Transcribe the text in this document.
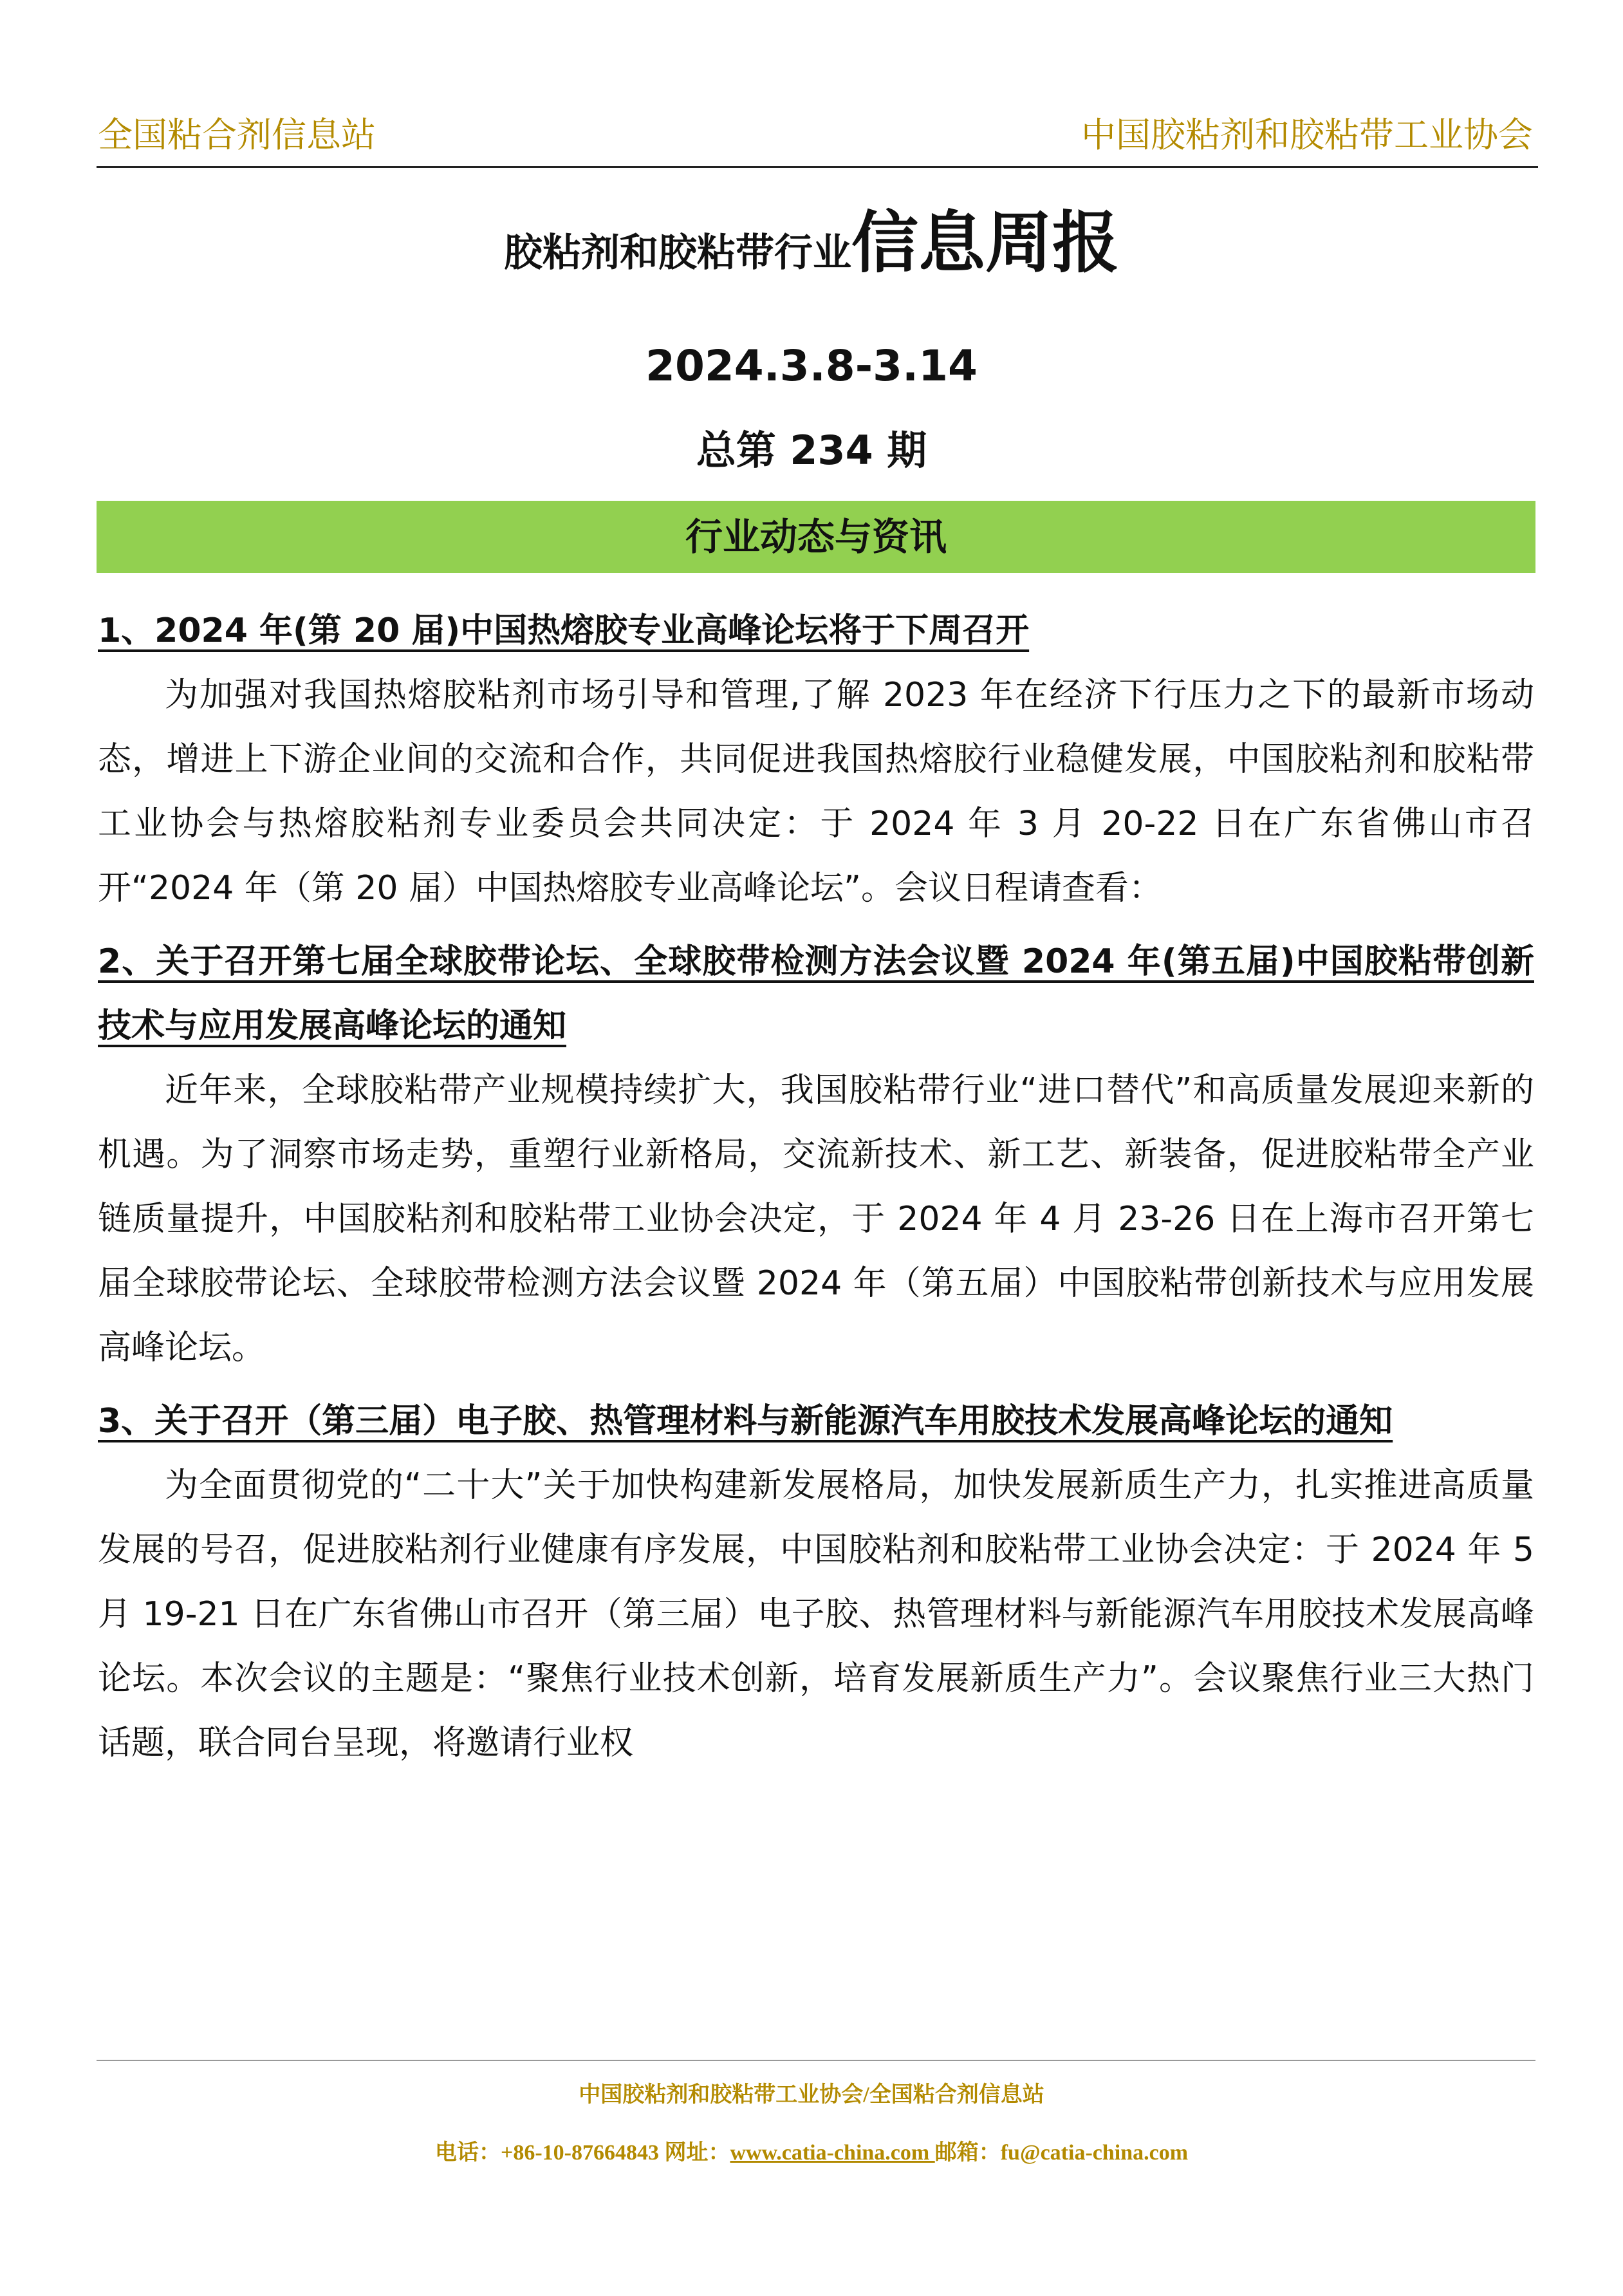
全国粘合剂信息站	中国胶粘剂和胶粘带工业协会
胶粘剂和胶粘带行业信息周报
2024.3.8-3.14
总第 234 期
行业动态与资讯

1、2024 年(第 20 届)中国热熔胶专业高峰论坛将于下周召开

为加强对我国热熔胶粘剂市场引导和管理,了解 2023 年在经济下行压力之下的最新市场动态，增进上下游企业间的交流和合作，共同促进我国热熔胶行业稳健发展，中国胶粘剂和胶粘带工业协会与热熔胶粘剂专业委员会共同决定：于 2024 年 3 月 20-22 日在广东省佛山市召开“2024 年（第 20 届）中国热熔胶专业高峰论坛”。会议日程请查看：

2、关于召开第七届全球胶带论坛、全球胶带检测方法会议暨 2024 年(第五届)中国胶粘带创新技术与应用发展高峰论坛的通知

近年来，全球胶粘带产业规模持续扩大，我国胶粘带行业“进口替代”和高质量发展迎来新的机遇。为了洞察市场走势，重塑行业新格局，交流新技术、新工艺、新装备，促进胶粘带全产业链质量提升，中国胶粘剂和胶粘带工业协会决定，于 2024 年 4 月 23-26 日在上海市召开第七届全球胶带论坛、全球胶带检测方法会议暨 2024 年（第五届）中国胶粘带创新技术与应用发展高峰论坛。

3、关于召开（第三届）电子胶、热管理材料与新能源汽车用胶技术发展高峰论坛的通知

为全面贯彻党的“二十大”关于加快构建新发展格局，加快发展新质生产力，扎实推进高质量发展的号召，促进胶粘剂行业健康有序发展，中国胶粘剂和胶粘带工业协会决定：于 2024 年 5 月 19-21 日在广东省佛山市召开（第三届）电子胶、热管理材料与新能源汽车用胶技术发展高峰论坛。本次会议的主题是：“聚焦行业技术创新，培育发展新质生产力”。会议聚焦行业三大热门话题，联合同台呈现，将邀请行业权

中国胶粘剂和胶粘带工业协会/全国粘合剂信息站
电话：+86-10-87664843 网址：www.catia-china.com 邮箱：fu@catia-china.com
